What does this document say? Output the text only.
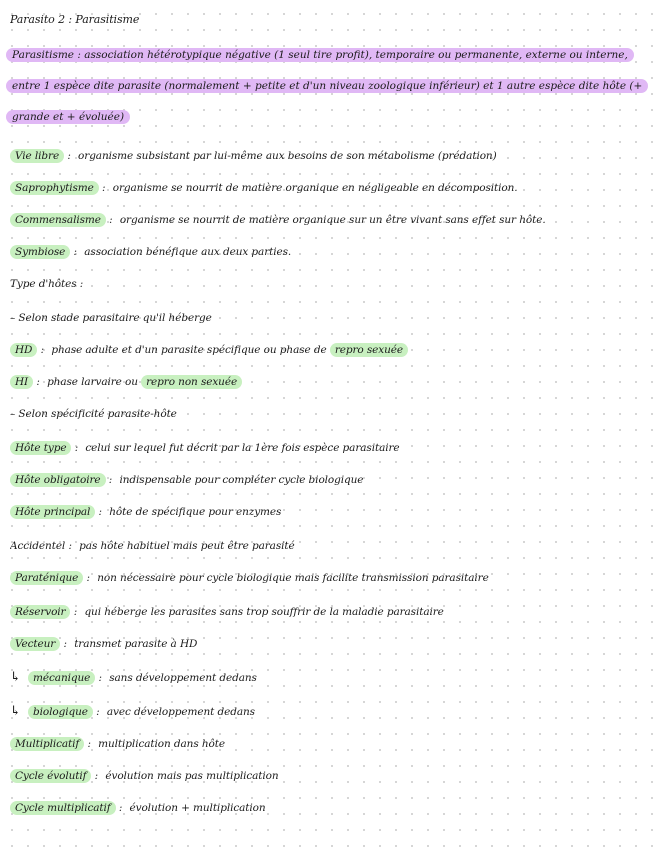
Parasito 2 : Parasitisme
Parasitisme : association hétérotypique négative (1 seul tire profit), temporaire ou permanente, externe ou interne, entre 1 espèce dite parasite (normalement + petite et d'un niveau zoologique inférieur) et 1 autre espèce dite hôte (+ grande et + évoluée)
Vie libre : organisme subsistant par lui-même aux besoins de son métabolisme (prédation)
Saprophytisme : organisme se nourrit de matière organique en négligeable en décomposition.
Commensalisme : organisme se nourrit de matière organique sur un être vivant sans effet sur hôte.
Symbiose : association bénéfique aux deux parties.
Type d'hôtes :
– Selon stade parasitaire qu'il héberge
HD : phase adulte et d'un parasite spécifique ou phase de repro sexuée
HI : phase larvaire ou repro non sexuée
– Selon spécificité parasite-hôte
Hôte type : celui sur lequel fut décrit par la 1ère fois espèce parasitaire
Hôte obligatoire : indispensable pour compléter cycle biologique
Hôte principal : hôte de spécifique pour enzymes
Accidentel : pas hôte habituel mais peut être parasité
Paraténique : non nécessaire pour cycle biologique mais facilite transmission parasitaire
Réservoir : qui héberge les parasites sans trop souffrir de la maladie parasitaire
Vecteur : transmet parasite à HD
↳ mécanique : sans développement dedans
↳ biologique : avec développement dedans
Multiplicatif : multiplication dans hôte
Cycle évolutif : évolution mais pas multiplication
Cycle multiplicatif : évolution + multiplication
